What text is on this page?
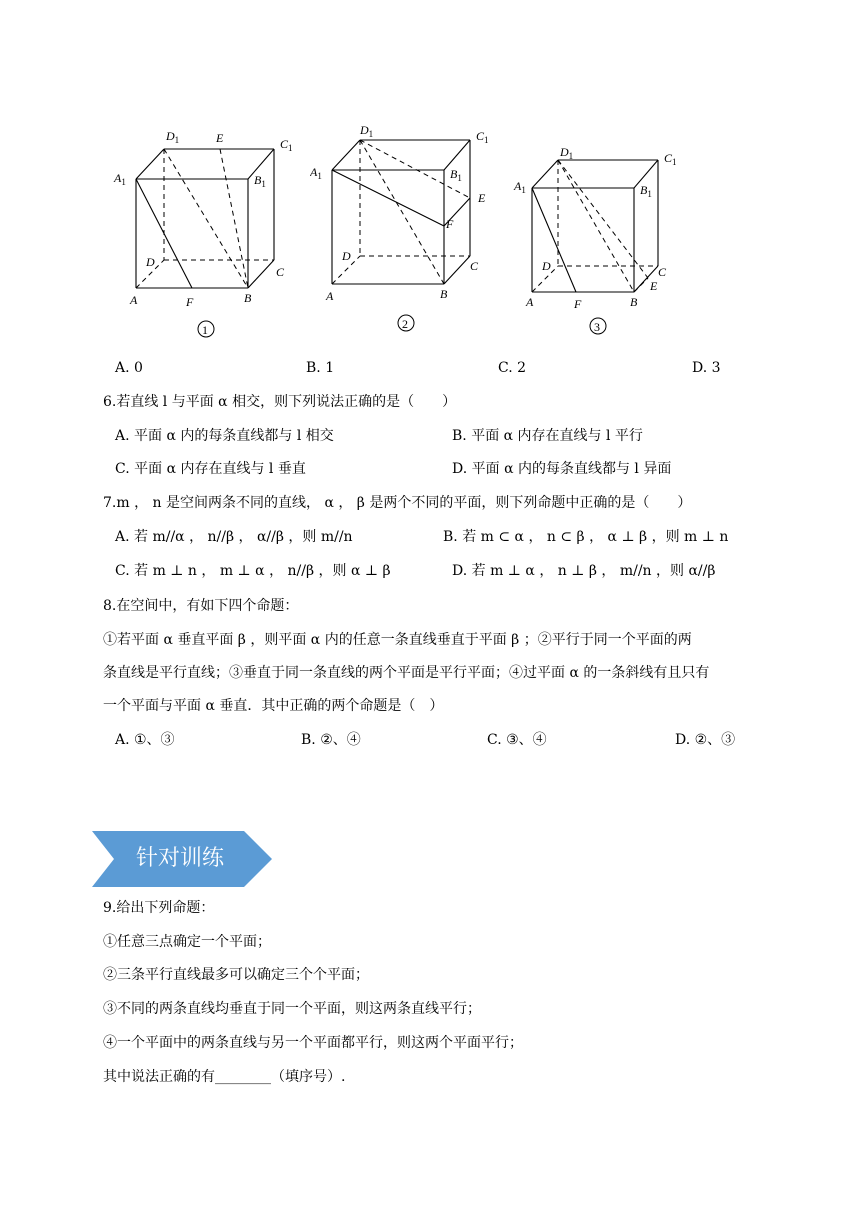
$D_1$	E	$C_1$
$A_1$	$B_1$
D
C
A	F	B
1
$D_1$	$C_1$
$A_1$	$B_1$
E
F
D
C
A	B
2
$D_1$	$C_1$
$A_1$	$B_1$
D	C
E
A	F	B
3
A. 0	B. 1	C. 2	D. 3
6.若直线 l 与平面 α 相交，则下列说法正确的是（　　）
A. 平面 α 内的每条直线都与 l 相交	B. 平面 α 内存在直线与 l 平行
C. 平面 α 内存在直线与 l 垂直	D. 平面 α 内的每条直线都与 l 异面
7.m ， n 是空间两条不同的直线， α ， β 是两个不同的平面，则下列命题中正确的是（　　）
A. 若 m//α ， n//β ， α//β ，则 m//n	B. 若 m ⊂ α ， n ⊂ β ， α ⊥ β ，则 m ⊥ n
C. 若 m ⊥ n ， m ⊥ α ， n//β ，则 α ⊥ β	D. 若 m ⊥ α ， n ⊥ β ， m//n ，则 α//β
8.在空间中，有如下四个命题：
①若平面 α 垂直平面 β ，则平面 α 内的任意一条直线垂直于平面 β ；②平行于同一个平面的两
条直线是平行直线；③垂直于同一条直线的两个平面是平行平面；④过平面 α 的一条斜线有且只有
一个平面与平面 α 垂直．其中正确的两个命题是（　）
A. ①、③	B. ②、④	C. ③、④	D. ②、③
针对训练
9.给出下列命题：
①任意三点确定一个平面；
②三条平行直线最多可以确定三个个平面；
③不同的两条直线均垂直于同一个平面，则这两条直线平行；
④一个平面中的两条直线与另一个平面都平行，则这两个平面平行；
其中说法正确的有________（填序号）.
